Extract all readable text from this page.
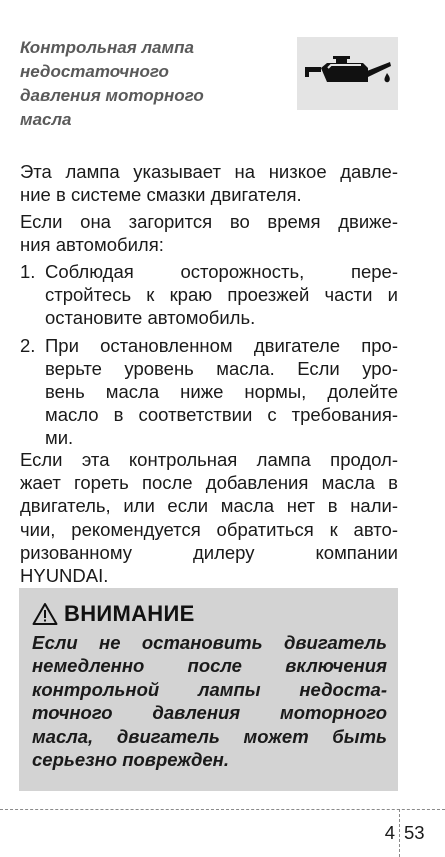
Контрольная лампа
недостаточного
давления моторного
масла
Эта лампа указывает на низкое давле-
ние в системе смазки двигателя.
Если она загорится во время движе-
ния автомобиля:
1. Соблюдая осторожность, пере-
стройтесь к краю проезжей части и
остановите автомобиль.
2. При остановленном двигателе про-
верьте уровень масла. Если уро-
вень масла ниже нормы, долейте
масло в соответствии с требования-
ми.
Если эта контрольная лампа продол-
жает гореть после добавления масла в
двигатель, или если масла нет в нали-
чии, рекомендуется обратиться к авто-
ризованному дилеру компании
HYUNDAI.
ВНИМАНИЕ
Если не остановить двигатель
немедленно после включения
контрольной лампы недоста-
точного давления моторного
масла, двигатель может быть
серьезно поврежден.
4 53
